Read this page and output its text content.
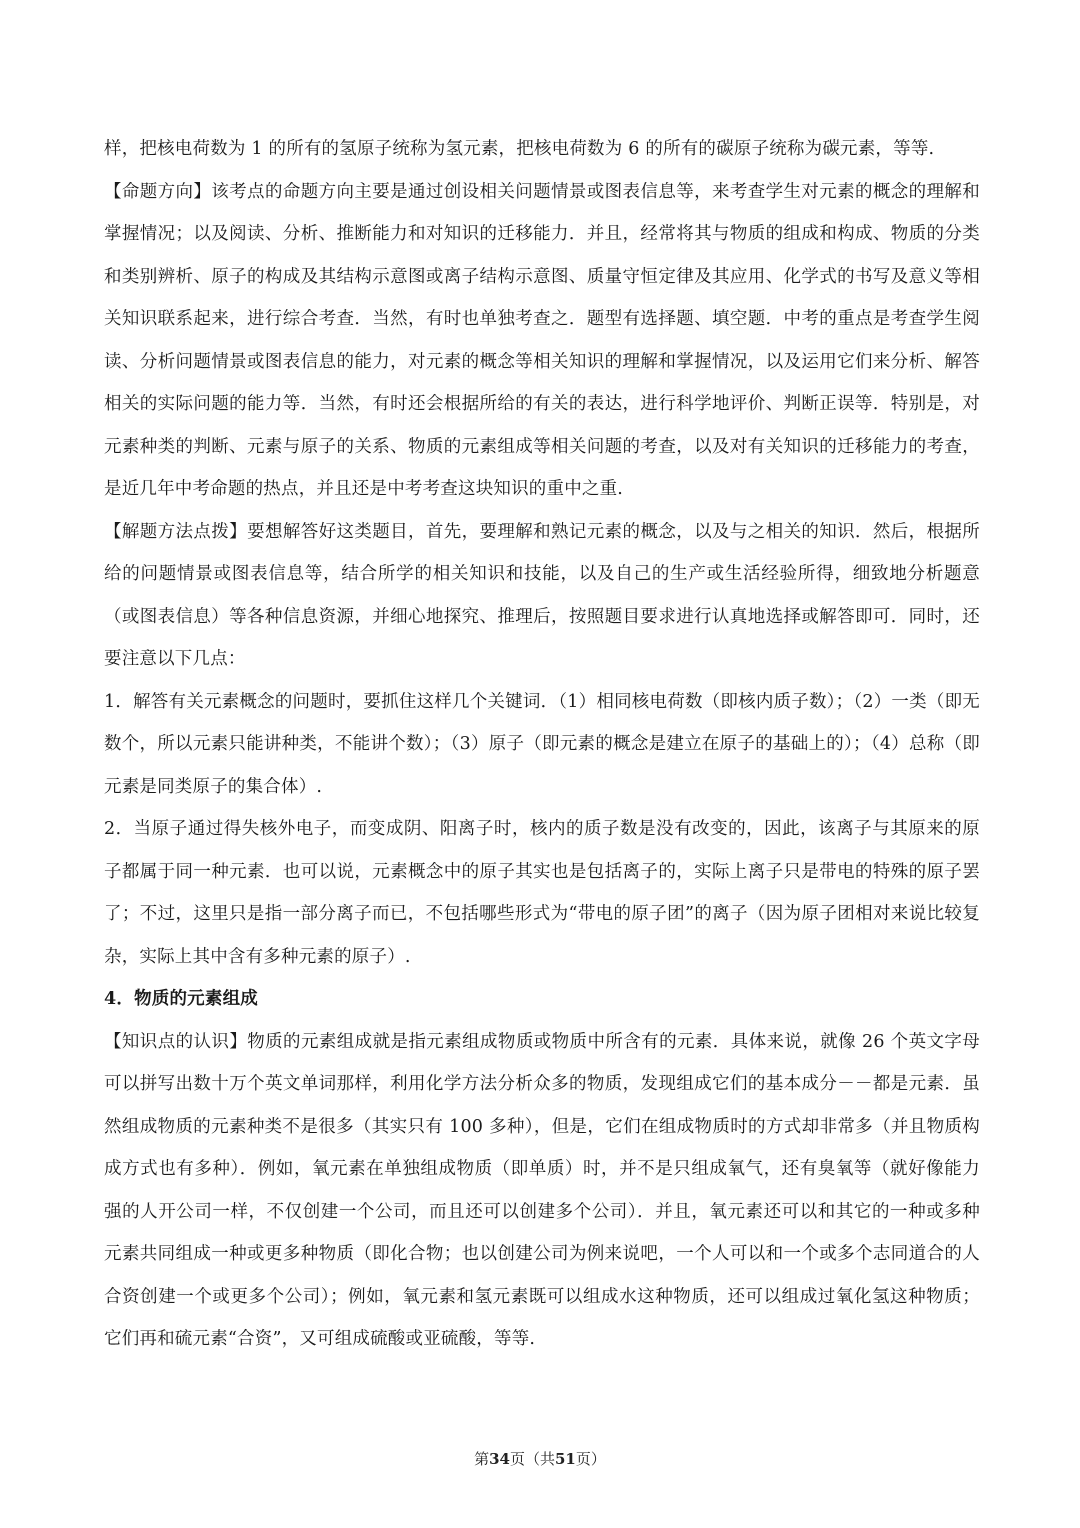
样，把核电荷数为 1 的所有的氢原子统称为氢元素，把核电荷数为 6 的所有的碳原子统称为碳元素，等等.

【命题方向】该考点的命题方向主要是通过创设相关问题情景或图表信息等，来考查学生对元素的概念的理解和掌握情况；以及阅读、分析、推断能力和对知识的迁移能力．并且，经常将其与物质的组成和构成、物质的分类和类别辨析、原子的构成及其结构示意图或离子结构示意图、质量守恒定律及其应用、化学式的书写及意义等相关知识联系起来，进行综合考查．当然，有时也单独考查之．题型有选择题、填空题．中考的重点是考查学生阅读、分析问题情景或图表信息的能力，对元素的概念等相关知识的理解和掌握情况，以及运用它们来分析、解答相关的实际问题的能力等．当然，有时还会根据所给的有关的表达，进行科学地评价、判断正误等．特别是，对元素种类的判断、元素与原子的关系、物质的元素组成等相关问题的考查，以及对有关知识的迁移能力的考查，是近几年中考命题的热点，并且还是中考考查这块知识的重中之重.

【解题方法点拨】要想解答好这类题目，首先，要理解和熟记元素的概念，以及与之相关的知识．然后，根据所给的问题情景或图表信息等，结合所学的相关知识和技能，以及自己的生产或生活经验所得，细致地分析题意（或图表信息）等各种信息资源，并细心地探究、推理后，按照题目要求进行认真地选择或解答即可．同时，还要注意以下几点：

1．解答有关元素概念的问题时，要抓住这样几个关键词．（1）相同核电荷数（即核内质子数）；（2）一类（即无数个，所以元素只能讲种类，不能讲个数）；（3）原子（即元素的概念是建立在原子的基础上的）；（4）总称（即元素是同类原子的集合体）.

2．当原子通过得失核外电子，而变成阴、阳离子时，核内的质子数是没有改变的，因此，该离子与其原来的原子都属于同一种元素．也可以说，元素概念中的原子其实也是包括离子的，实际上离子只是带电的特殊的原子罢了；不过，这里只是指一部分离子而已，不包括哪些形式为“带电的原子团”的离子（因为原子团相对来说比较复杂，实际上其中含有多种元素的原子）.

4．物质的元素组成

【知识点的认识】物质的元素组成就是指元素组成物质或物质中所含有的元素．具体来说，就像 26 个英文字母可以拼写出数十万个英文单词那样，利用化学方法分析众多的物质，发现组成它们的基本成分－－都是元素．虽然组成物质的元素种类不是很多（其实只有 100 多种），但是，它们在组成物质时的方式却非常多（并且物质构成方式也有多种）．例如，氧元素在单独组成物质（即单质）时，并不是只组成氧气，还有臭氧等（就好像能力强的人开公司一样，不仅创建一个公司，而且还可以创建多个公司）．并且，氧元素还可以和其它的一种或多种元素共同组成一种或更多种物质（即化合物；也以创建公司为例来说吧，一个人可以和一个或多个志同道合的人合资创建一个或更多个公司）；例如，氧元素和氢元素既可以组成水这种物质，还可以组成过氧化氢这种物质；它们再和硫元素“合资”，又可组成硫酸或亚硫酸，等等.

第34页（共51页）
